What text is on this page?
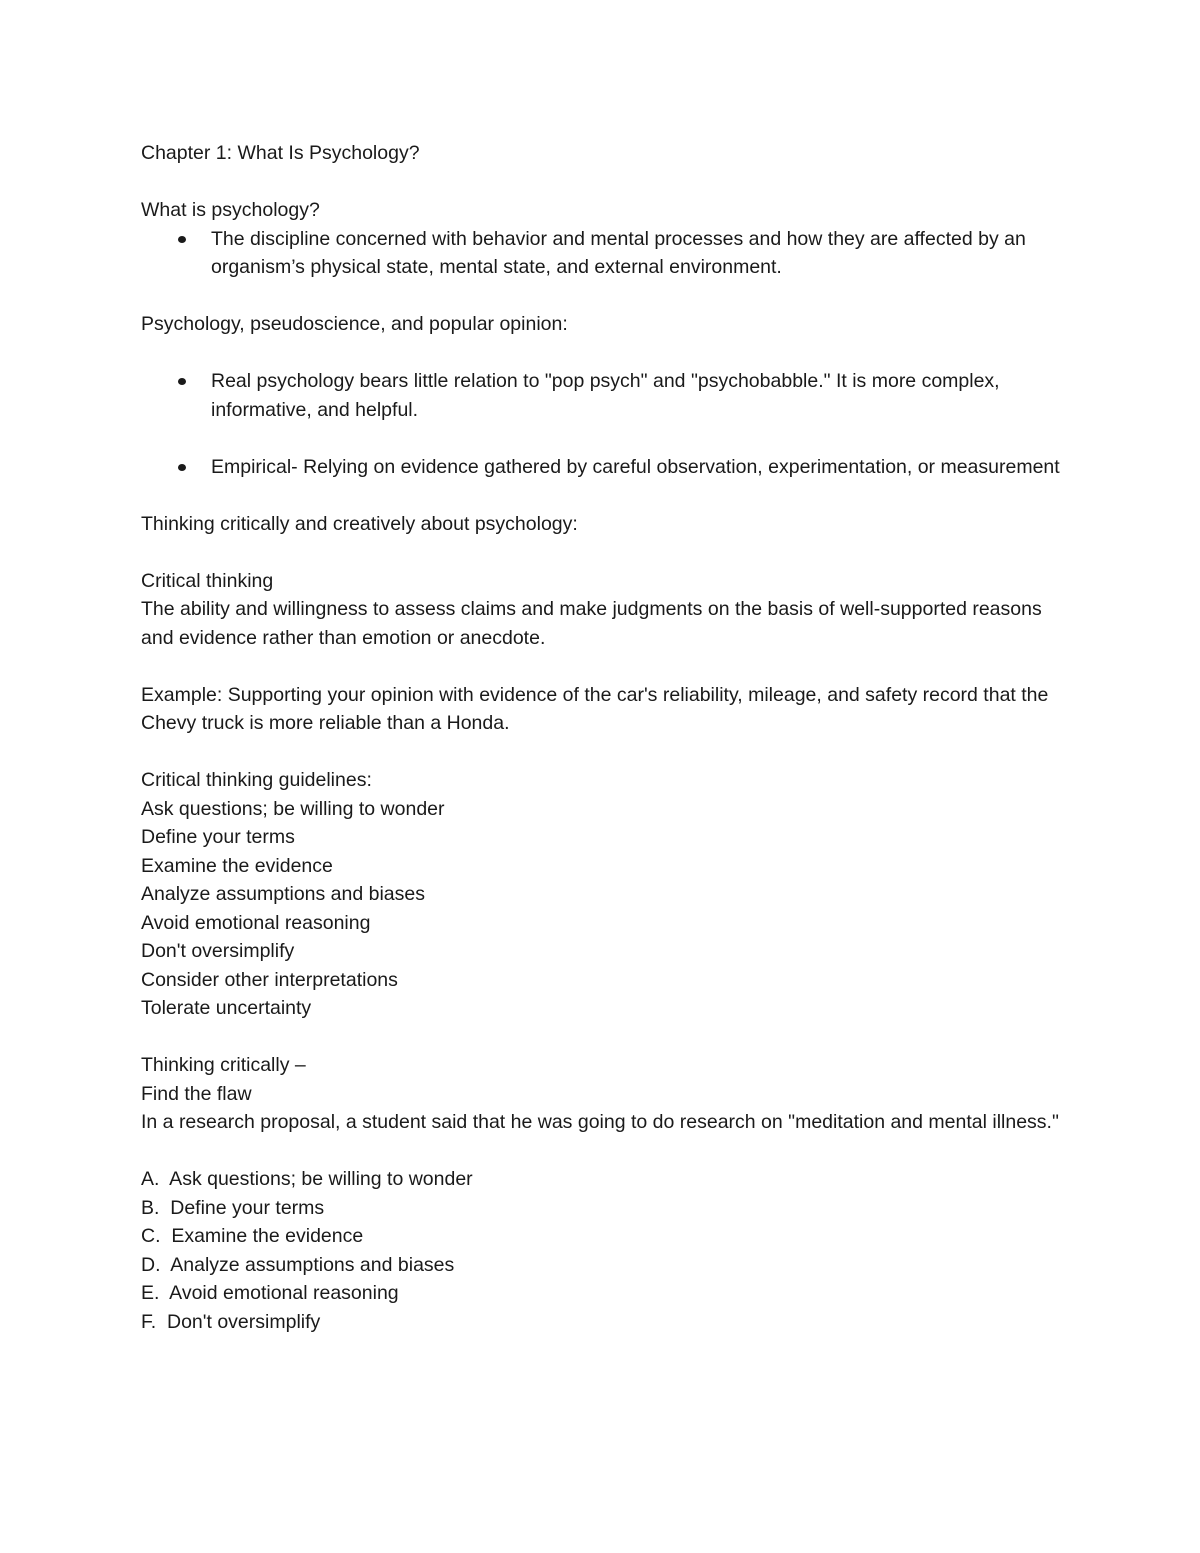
Chapter 1: What Is Psychology?

What is psychology?

The discipline concerned with behavior and mental processes and how they are affected by an organism’s physical state, mental state, and external environment.

Psychology, pseudoscience, and popular opinion:

Real psychology bears little relation to "pop psych" and "psychobabble." It is more complex, informative, and helpful.
Empirical- Relying on evidence gathered by careful observation, experimentation, or measurement

Thinking critically and creatively about psychology:

Critical thinking

The ability and willingness to assess claims and make judgments on the basis of well-supported reasons and evidence rather than emotion or anecdote.

Example: Supporting your opinion with evidence of the car's reliability, mileage, and safety record that the Chevy truck is more reliable than a Honda.

Critical thinking guidelines:

Ask questions; be willing to wonder

Define your terms

Examine the evidence

Analyze assumptions and biases

Avoid emotional reasoning

Don't oversimplify

Consider other interpretations

Tolerate uncertainty

Thinking critically –

Find the flaw

In a research proposal, a student said that he was going to do research on "meditation and mental illness."

A.  Ask questions; be willing to wonder
B.  Define your terms
C.  Examine the evidence
D.  Analyze assumptions and biases
E.  Avoid emotional reasoning
F.  Don't oversimplify
